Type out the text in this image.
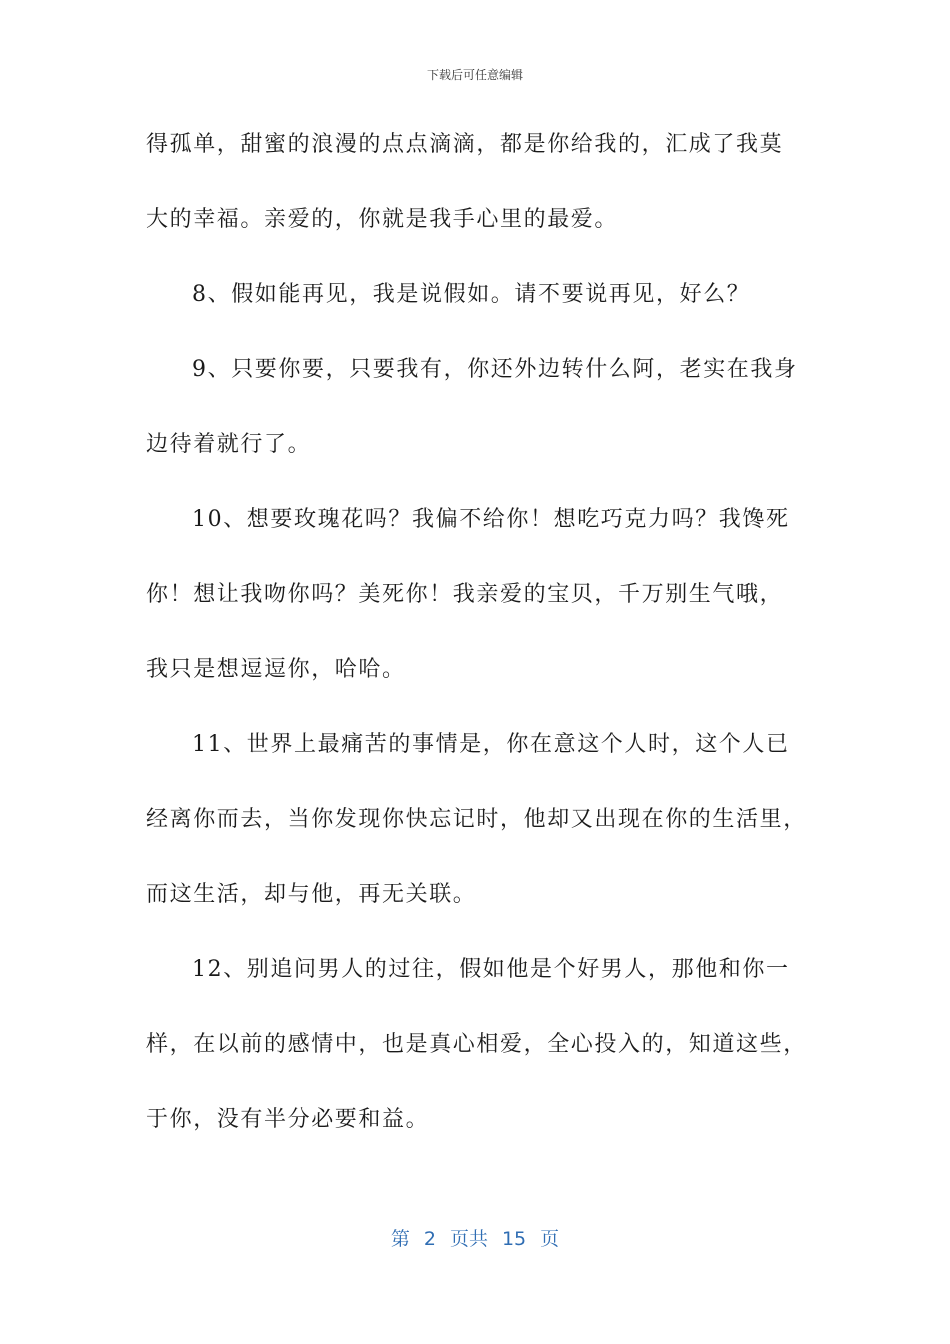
下载后可任意编辑
得孤单，甜蜜的浪漫的点点滴滴，都是你给我的，汇成了我莫
大的幸福。亲爱的，你就是我手心里的最爱。
8、假如能再见，我是说假如。请不要说再见，好么？
9、只要你要，只要我有，你还外边转什么阿，老实在我身
边待着就行了。
10、想要玫瑰花吗？我偏不给你！想吃巧克力吗？我馋死
你！想让我吻你吗？美死你！我亲爱的宝贝，千万别生气哦，
我只是想逗逗你，哈哈。
11、世界上最痛苦的事情是，你在意这个人时，这个人已
经离你而去，当你发现你快忘记时，他却又出现在你的生活里，
而这生活，却与他，再无关联。
12、别追问男人的过往，假如他是个好男人，那他和你一
样，在以前的感情中，也是真心相爱，全心投入的，知道这些，
于你，没有半分必要和益。
第 2 页共 15 页
